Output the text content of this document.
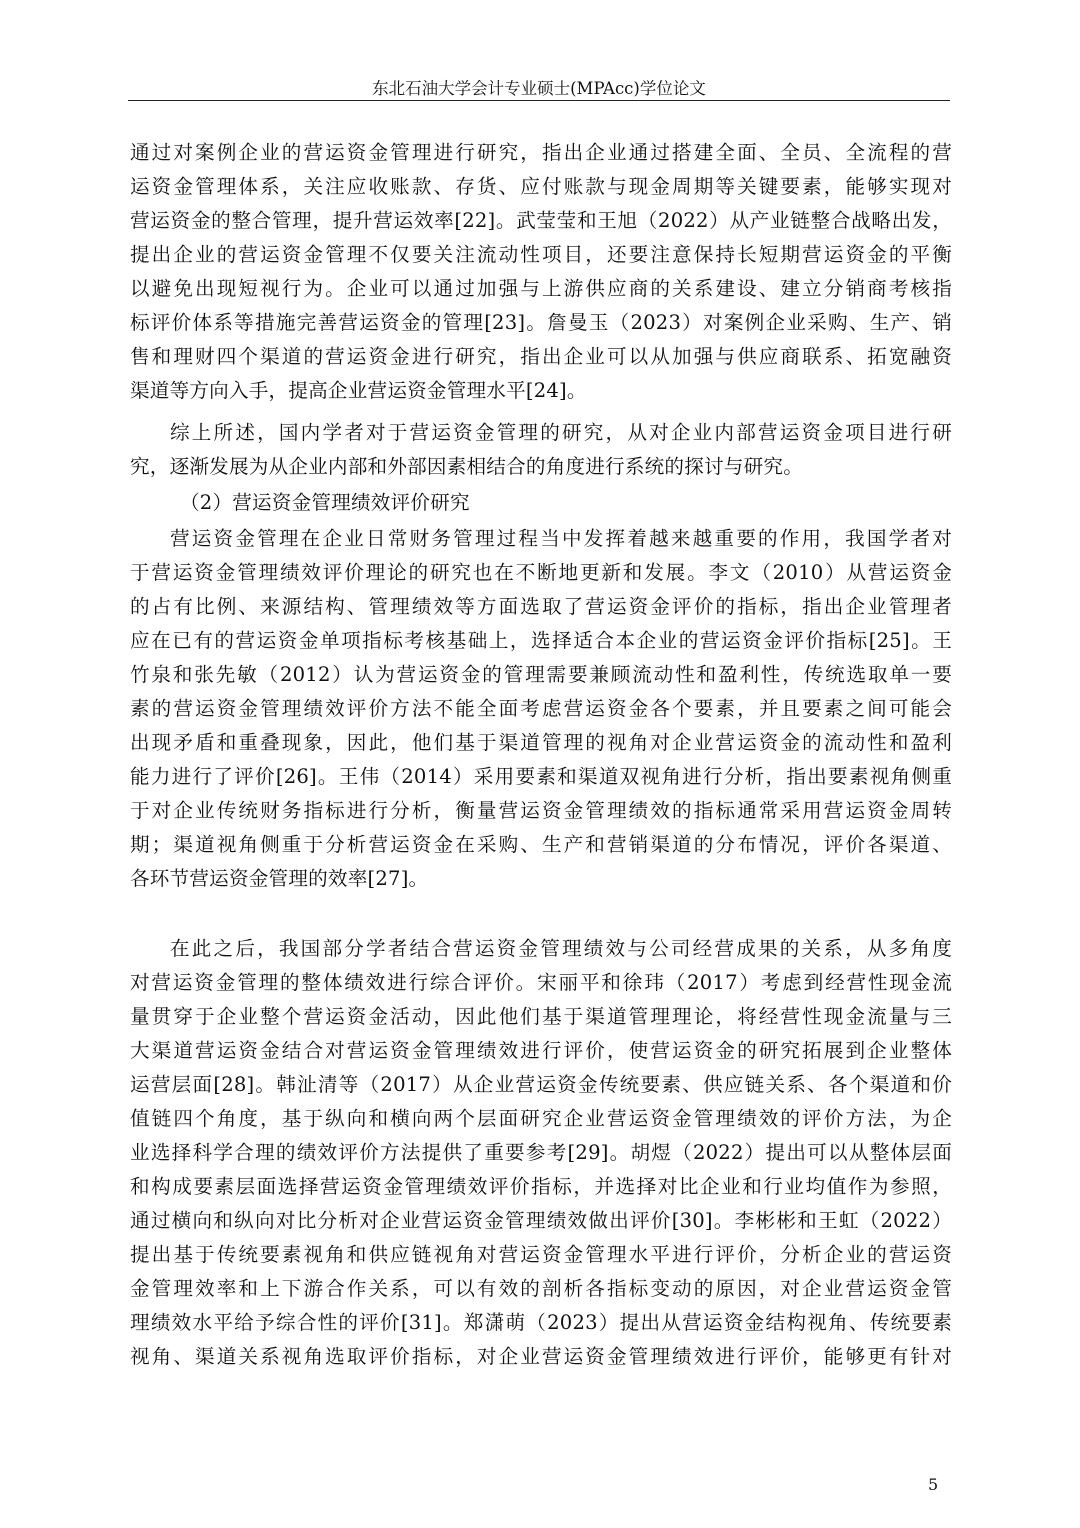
东北石油大学会计专业硕士(MPAcc)学位论文
通过对案例企业的营运资金管理进行研究，指出企业通过搭建全面、全员、全流程的营
运资金管理体系，关注应收账款、存货、应付账款与现金周期等关键要素，能够实现对
营运资金的整合管理，提升营运效率[22]。武莹莹和王旭（2022）从产业链整合战略出发，
提出企业的营运资金管理不仅要关注流动性项目，还要注意保持长短期营运资金的平衡
以避免出现短视行为。企业可以通过加强与上游供应商的关系建设、建立分销商考核指
标评价体系等措施完善营运资金的管理[23]。詹曼玉（2023）对案例企业采购、生产、销
售和理财四个渠道的营运资金进行研究，指出企业可以从加强与供应商联系、拓宽融资
渠道等方向入手，提高企业营运资金管理水平[24]。
综上所述，国内学者对于营运资金管理的研究，从对企业内部营运资金项目进行研
究，逐渐发展为从企业内部和外部因素相结合的角度进行系统的探讨与研究。
（2）营运资金管理绩效评价研究
营运资金管理在企业日常财务管理过程当中发挥着越来越重要的作用，我国学者对
于营运资金管理绩效评价理论的研究也在不断地更新和发展。李文（2010）从营运资金
的占有比例、来源结构、管理绩效等方面选取了营运资金评价的指标，指出企业管理者
应在已有的营运资金单项指标考核基础上，选择适合本企业的营运资金评价指标[25]。王
竹泉和张先敏（2012）认为营运资金的管理需要兼顾流动性和盈利性，传统选取单一要
素的营运资金管理绩效评价方法不能全面考虑营运资金各个要素，并且要素之间可能会
出现矛盾和重叠现象，因此，他们基于渠道管理的视角对企业营运资金的流动性和盈利
能力进行了评价[26]。王伟（2014）采用要素和渠道双视角进行分析，指出要素视角侧重
于对企业传统财务指标进行分析，衡量营运资金管理绩效的指标通常采用营运资金周转
期；渠道视角侧重于分析营运资金在采购、生产和营销渠道的分布情况，评价各渠道、
各环节营运资金管理的效率[27]。
在此之后，我国部分学者结合营运资金管理绩效与公司经营成果的关系，从多角度
对营运资金管理的整体绩效进行综合评价。宋丽平和徐玮（2017）考虑到经营性现金流
量贯穿于企业整个营运资金活动，因此他们基于渠道管理理论，将经营性现金流量与三
大渠道营运资金结合对营运资金管理绩效进行评价，使营运资金的研究拓展到企业整体
运营层面[28]。韩沚清等（2017）从企业营运资金传统要素、供应链关系、各个渠道和价
值链四个角度，基于纵向和横向两个层面研究企业营运资金管理绩效的评价方法，为企
业选择科学合理的绩效评价方法提供了重要参考[29]。胡煜（2022）提出可以从整体层面
和构成要素层面选择营运资金管理绩效评价指标，并选择对比企业和行业均值作为参照，
通过横向和纵向对比分析对企业营运资金管理绩效做出评价[30]。李彬彬和王虹（2022）
提出基于传统要素视角和供应链视角对营运资金管理水平进行评价，分析企业的营运资
金管理效率和上下游合作关系，可以有效的剖析各指标变动的原因，对企业营运资金管
理绩效水平给予综合性的评价[31]。郑潇萌（2023）提出从营运资金结构视角、传统要素
视角、渠道关系视角选取评价指标，对企业营运资金管理绩效进行评价，能够更有针对
5
